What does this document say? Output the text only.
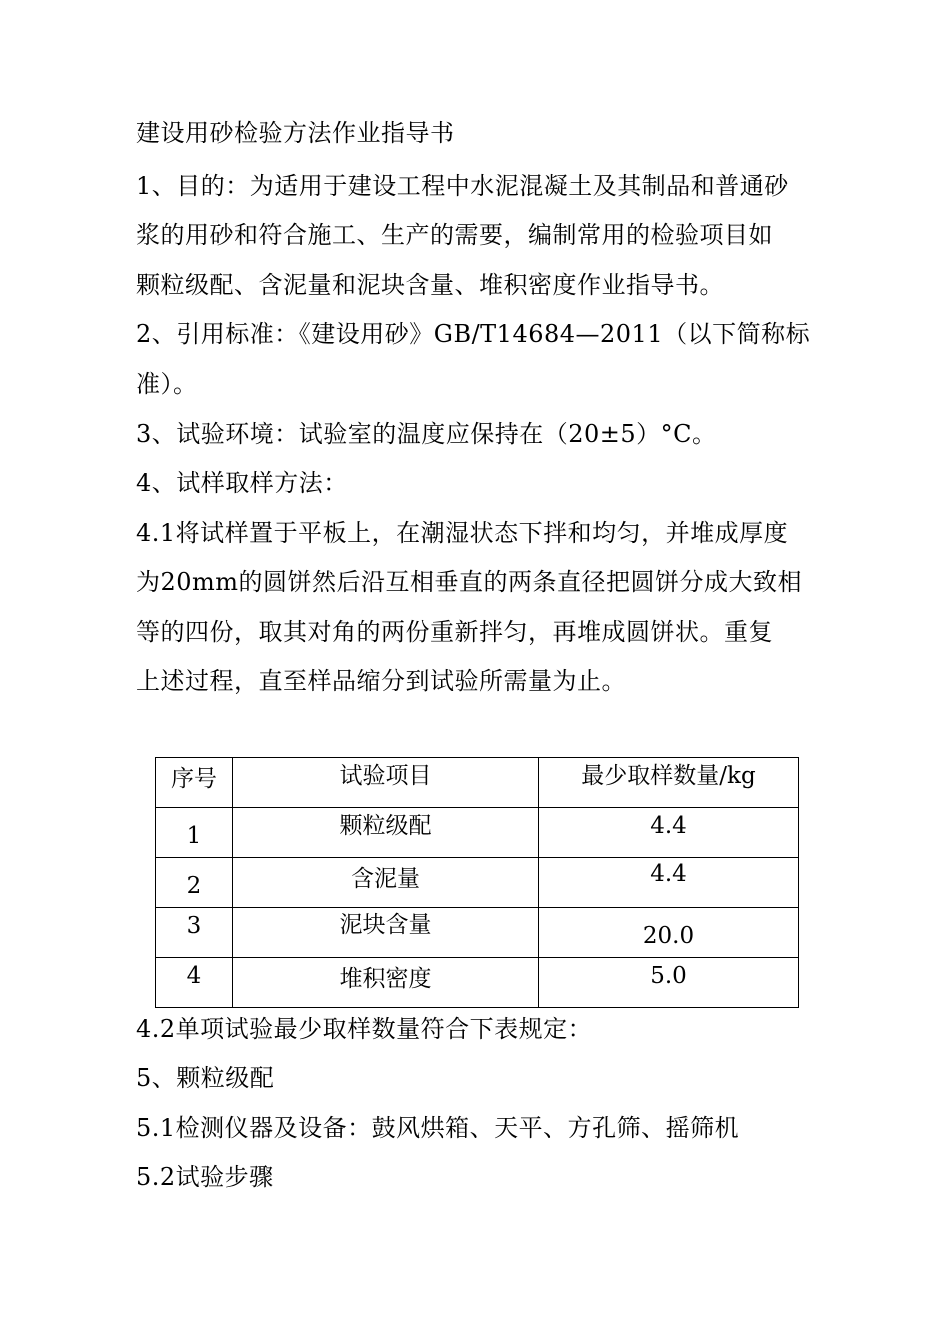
建设用砂检验方法作业指导书
1、目的：为适用于建设工程中水泥混凝土及其制品和普通砂
浆的用砂和符合施工、生产的需要，编制常用的检验项目如
颗粒级配、含泥量和泥块含量、堆积密度作业指导书。
2、引用标准：《建设用砂》GB/T14684—2011（以下简称标
准）。
3、试验环境：试验室的温度应保持在（20±5）°C。
4、试样取样方法：
4.1将试样置于平板上，在潮湿状态下拌和均匀，并堆成厚度
为20mm的圆饼然后沿互相垂直的两条直径把圆饼分成大致相
等的四份，取其对角的两份重新拌匀，再堆成圆饼状。重复
上述过程，直至样品缩分到试验所需量为止。
序号	试验项目	最少取样数量/kg

1	颗粒级配	4.4

2	含泥量	4.4

3	泥块含量	20.0

4	堆积密度	5.0
4.2单项试验最少取样数量符合下表规定：
5、颗粒级配
5.1检测仪器及设备：鼓风烘箱、天平、方孔筛、摇筛机
5.2试验步骤
